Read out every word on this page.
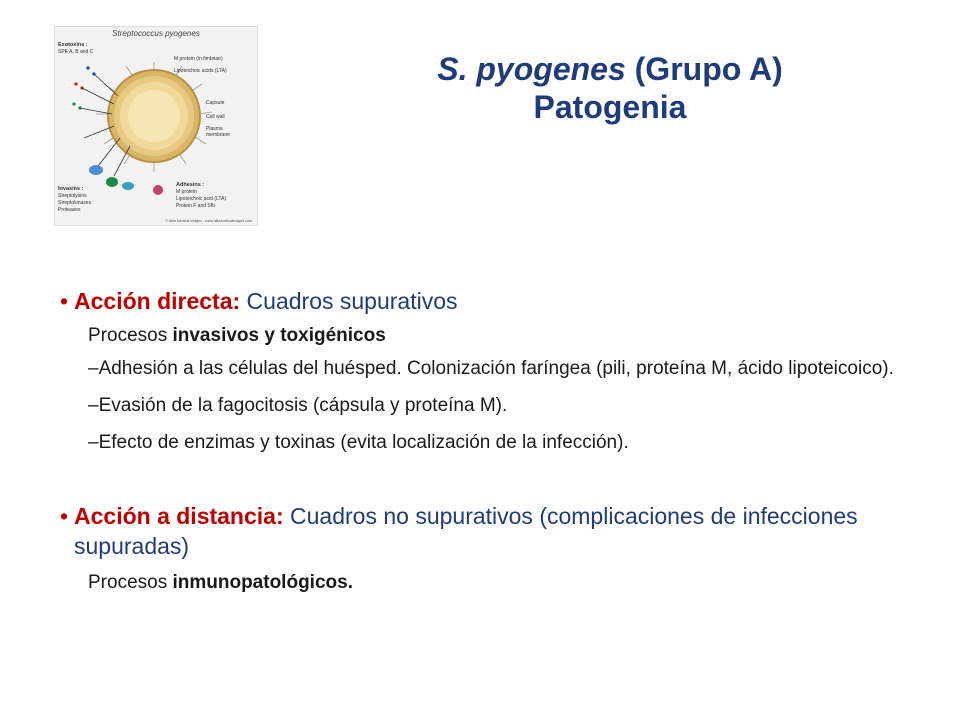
S. pyogenes (Grupo A)
Patogenia
Streptococcus pyogenes
Exotoxins :
SPE A, B and C
M protein (in fimbriae)
Lipoteichoic acids (LTA)
Capsule
Cell wall
Plasma
membrane
Invasins :
Streptolysins
Streptokinases
Proteases
Adhesins :
M protein
Lipoteichoic acid (LTA)
Protein F and Sfb
© Alila Medical Images - www.alilamedicalimages.com
• Acción directa: Cuadros supurativos
Procesos invasivos y toxigénicos
–Adhesión a las células del huésped. Colonización faríngea (pili, proteína M, ácido lipoteicoico).
–Evasión de la fagocitosis (cápsula y proteína M).
–Efecto de enzimas y toxinas (evita localización de la infección).
• Acción a distancia: Cuadros no supurativos (complicaciones de infecciones supuradas)
Procesos inmunopatológicos.
